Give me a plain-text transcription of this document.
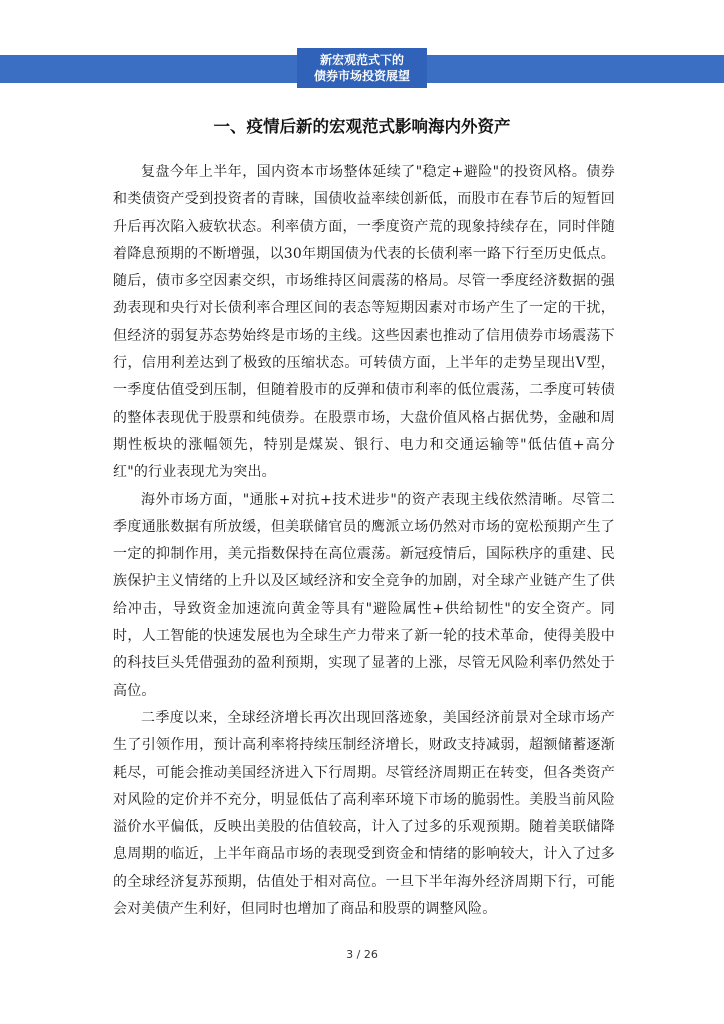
新宏观范式下的
债券市场投资展望
一、疫情后新的宏观范式影响海内外资产

复盘今年上半年，国内资本市场整体延续了"稳定+避险"的投资风格。债券和类债资产受到投资者的青睐，国债收益率续创新低，而股市在春节后的短暂回升后再次陷入疲软状态。利率债方面，一季度资产荒的现象持续存在，同时伴随着降息预期的不断增强，以30年期国债为代表的长债利率一路下行至历史低点。随后，债市多空因素交织，市场维持区间震荡的格局。尽管一季度经济数据的强劲表现和央行对长债利率合理区间的表态等短期因素对市场产生了一定的干扰，但经济的弱复苏态势始终是市场的主线。这些因素也推动了信用债券市场震荡下行，信用利差达到了极致的压缩状态。可转债方面，上半年的走势呈现出V型，一季度估值受到压制，但随着股市的反弹和债市利率的低位震荡，二季度可转债的整体表现优于股票和纯债券。在股票市场，大盘价值风格占据优势，金融和周期性板块的涨幅领先，特别是煤炭、银行、电力和交通运输等"低估值+高分红"的行业表现尤为突出。

海外市场方面，"通胀+对抗+技术进步"的资产表现主线依然清晰。尽管二季度通胀数据有所放缓，但美联储官员的鹰派立场仍然对市场的宽松预期产生了一定的抑制作用，美元指数保持在高位震荡。新冠疫情后，国际秩序的重建、民族保护主义情绪的上升以及区域经济和安全竞争的加剧，对全球产业链产生了供给冲击，导致资金加速流向黄金等具有"避险属性+供给韧性"的安全资产。同时，人工智能的快速发展也为全球生产力带来了新一轮的技术革命，使得美股中的科技巨头凭借强劲的盈利预期，实现了显著的上涨，尽管无风险利率仍然处于高位。

二季度以来，全球经济增长再次出现回落迹象，美国经济前景对全球市场产生了引领作用，预计高利率将持续压制经济增长，财政支持减弱，超额储蓄逐渐耗尽，可能会推动美国经济进入下行周期。尽管经济周期正在转变，但各类资产对风险的定价并不充分，明显低估了高利率环境下市场的脆弱性。美股当前风险溢价水平偏低，反映出美股的估值较高，计入了过多的乐观预期。随着美联储降息周期的临近，上半年商品市场的表现受到资金和情绪的影响较大，计入了过多的全球经济复苏预期，估值处于相对高位。一旦下半年海外经济周期下行，可能会对美债产生利好，但同时也增加了商品和股票的调整风险。

3 / 26
